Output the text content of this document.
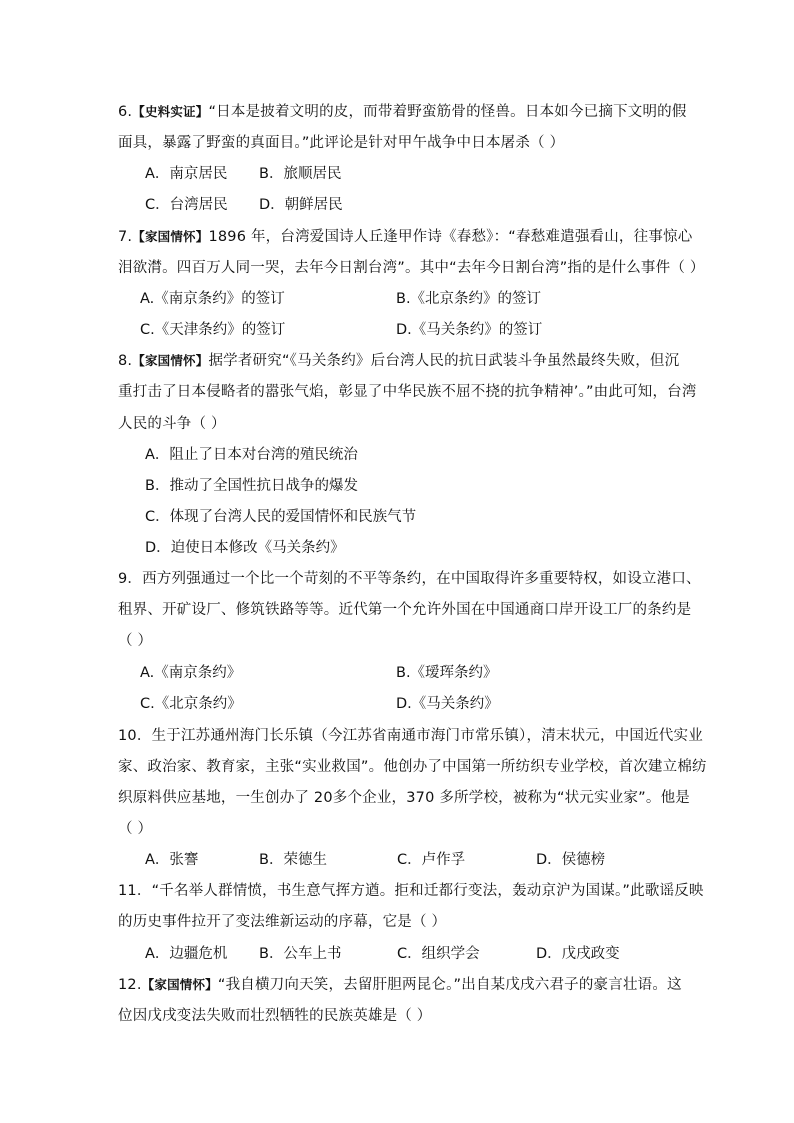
6.【史料实证】“日本是披着文明的皮，而带着野蛮筋骨的怪兽。日本如今已摘下文明的假
面具，暴露了野蛮的真面目。”此评论是针对甲午战争中日本屠杀（ ）
A．南京居民 B．旅顺居民
C．台湾居民 D．朝鲜居民
7.【家国情怀】1896 年，台湾爱国诗人丘逢甲作诗《春愁》：“春愁难遣强看山，往事惊心
泪欲潸。四百万人同一哭，去年今日割台湾”。其中“去年今日割台湾”指的是什么事件（ ）
A.《南京条约》的签订	B.《北京条约》的签订
C.《天津条约》的签订	D.《马关条约》的签订
8.【家国情怀】据学者研究“《马关条约》后台湾人民的抗日武装斗争虽然最终失败，但沉
重打击了日本侵略者的嚣张气焰，彰显了中华民族不屈不挠的抗争精神’。”由此可知，台湾
人民的斗争（ ）
A．阻止了日本对台湾的殖民统治
B．推动了全国性抗日战争的爆发
C．体现了台湾人民的爱国情怀和民族气节
D．迫使日本修改《马关条约》
9．西方列强通过一个比一个苛刻的不平等条约，在中国取得许多重要特权，如设立港口、
租界、开矿设厂、修筑铁路等等。近代第一个允许外国在中国通商口岸开设工厂的条约是
（ ）
A.《南京条约》	B.《瑷珲条约》
C.《北京条约》	D.《马关条约》
10．生于江苏通州海门长乐镇（今江苏省南通市海门市常乐镇），清末状元，中国近代实业
家、政治家、教育家，主张“实业救国”。他创办了中国第一所纺织专业学校，首次建立棉纺
织原料供应基地，一生创办了 20多个企业，370 多所学校，被称为“状元实业家”。他是
（ ）
A．张謇	B．荣德生	C．卢作孚	D．侯德榜
11．“千名举人群情愤，书生意气挥方遒。拒和迁都行变法，轰动京沪为国谋。”此歌谣反映
的历史事件拉开了变法维新运动的序幕，它是（ ）
A．边疆危机 B．公车上书	C．组织学会	D．戊戌政变
12.【家国情怀】“我自横刀向天笑，去留肝胆两昆仑。”出自某戊戌六君子的豪言壮语。这
位因戊戌变法失败而壮烈牺牲的民族英雄是（ ）
